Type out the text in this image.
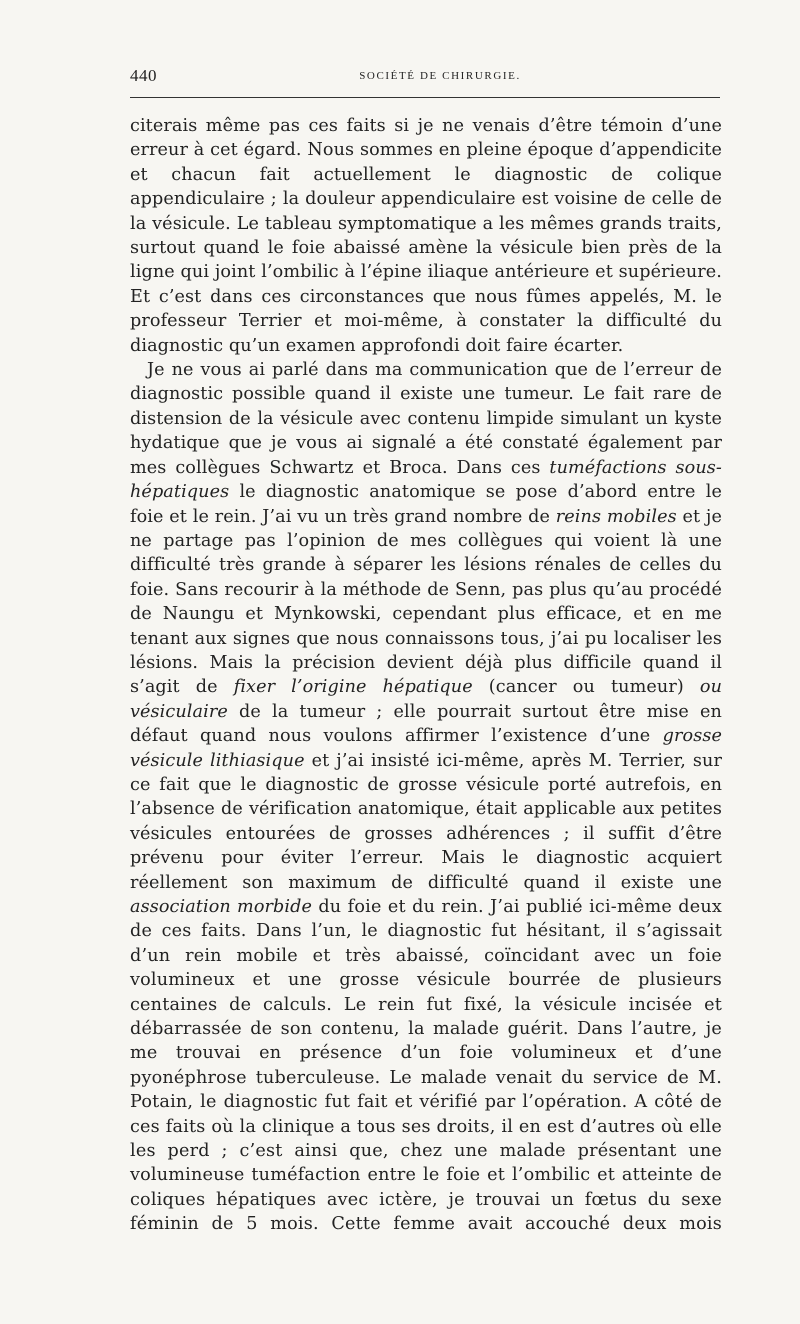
440	SOCIÉTÉ DE CHIRURGIE.

citerais même pas ces faits si je ne venais d’être témoin d’une erreur à cet égard. Nous sommes en pleine époque d’appendicite et chacun fait actuellement le diagnostic de colique appendiculaire ; la douleur appendiculaire est voisine de celle de la vésicule. Le tableau symptomatique a les mêmes grands traits, surtout quand le foie abaissé amène la vésicule bien près de la ligne qui joint l’ombilic à l’épine iliaque antérieure et supérieure. Et c’est dans ces circonstances que nous fûmes appelés, M. le professeur Terrier et moi-même, à constater la difficulté du diagnostic qu’un examen approfondi doit faire écarter.

Je ne vous ai parlé dans ma communication que de l’erreur de diagnostic possible quand il existe une tumeur. Le fait rare de distension de la vésicule avec contenu limpide simulant un kyste hydatique que je vous ai signalé a été constaté également par mes collègues Schwartz et Broca. Dans ces tuméfactions sous-hépatiques le diagnostic anatomique se pose d’abord entre le foie et le rein. J’ai vu un très grand nombre de reins mobiles et je ne partage pas l’opinion de mes collègues qui voient là une difficulté très grande à séparer les lésions rénales de celles du foie. Sans recourir à la méthode de Senn, pas plus qu’au procédé de Naungu et Mynkowski, cependant plus efficace, et en me tenant aux signes que nous connaissons tous, j’ai pu localiser les lésions. Mais la précision devient déjà plus difficile quand il s’agit de fixer l’origine hépatique (cancer ou tumeur) ou vésiculaire de la tumeur ; elle pourrait surtout être mise en défaut quand nous voulons affirmer l’existence d’une grosse vésicule lithiasique et j’ai insisté ici-même, après M. Terrier, sur ce fait que le diagnostic de grosse vésicule porté autrefois, en l’absence de vérification anatomique, était applicable aux petites vésicules entourées de grosses adhérences ; il suffit d’être prévenu pour éviter l’erreur. Mais le diagnostic acquiert réellement son maximum de difficulté quand il existe une association morbide du foie et du rein. J’ai publié ici-même deux de ces faits. Dans l’un, le diagnostic fut hésitant, il s’agissait d’un rein mobile et très abaissé, coïncidant avec un foie volumineux et une grosse vésicule bourrée de plusieurs centaines de calculs. Le rein fut fixé, la vésicule incisée et débarrassée de son contenu, la malade guérit. Dans l’autre, je me trouvai en présence d’un foie volumineux et d’une pyonéphrose tuberculeuse. Le malade venait du service de M. Potain, le diagnostic fut fait et vérifié par l’opération. A côté de ces faits où la clinique a tous ses droits, il en est d’autres où elle les perd ; c’est ainsi que, chez une malade présentant une volumineuse tuméfaction entre le foie et l’ombilic et atteinte de coliques hépatiques avec ictère, je trouvai un fœtus du sexe féminin de 5 mois. Cette femme avait accouché deux mois
